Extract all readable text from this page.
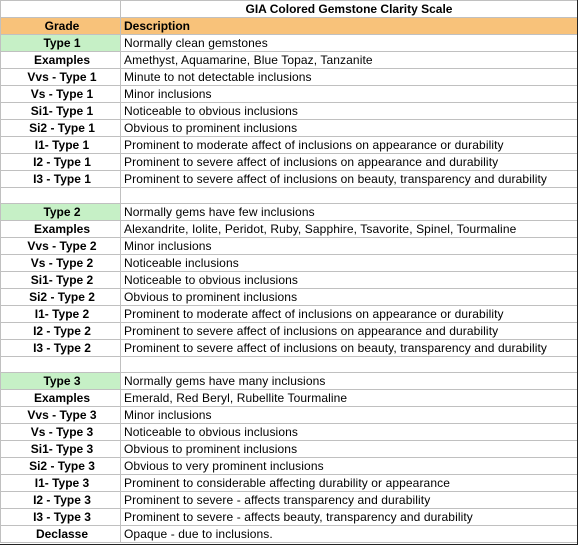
	GIA Colored Gemstone Clarity Scale
Grade	Description
Type 1	Normally clean gemstones
Examples	Amethyst, Aquamarine, Blue Topaz, Tanzanite
Vvs - Type 1	Minute to not detectable inclusions
Vs - Type 1	Minor inclusions
Si1- Type 1	Noticeable to obvious inclusions
Si2 - Type 1	Obvious to prominent inclusions
I1- Type 1	Prominent to moderate affect of inclusions on appearance or durability
I2 - Type 1	Prominent to severe affect of inclusions on appearance and durability
I3 - Type 1	Prominent to severe affect of inclusions on beauty, transparency and durability

Type 2	Normally gems have few inclusions
Examples	Alexandrite, Iolite, Peridot, Ruby, Sapphire, Tsavorite, Spinel, Tourmaline
Vvs - Type 2	Minor inclusions
Vs - Type 2	Noticeable inclusions
Si1- Type 2	Noticeable to obvious inclusions
Si2 - Type 2	Obvious to prominent inclusions
I1- Type 2	Prominent to moderate affect of inclusions on appearance or durability
I2 - Type 2	Prominent to severe affect of inclusions on appearance and durability
I3 - Type 2	Prominent to severe affect of inclusions on beauty, transparency and durability

Type 3	Normally gems have many inclusions
Examples	Emerald, Red Beryl, Rubellite Tourmaline
Vvs - Type 3	Minor inclusions
Vs - Type 3	Noticeable to obvious inclusions
Si1- Type 3	Obvious to prominent inclusions
Si2 - Type 3	Obvious to very prominent inclusions
I1- Type 3	Prominent to considerable affecting durability or appearance
I2 - Type 3	Prominent to severe - affects transparency and durability
I3 - Type 3	Prominent to severe - affects beauty, transparency and durability
Declasse	Opaque - due to inclusions.
